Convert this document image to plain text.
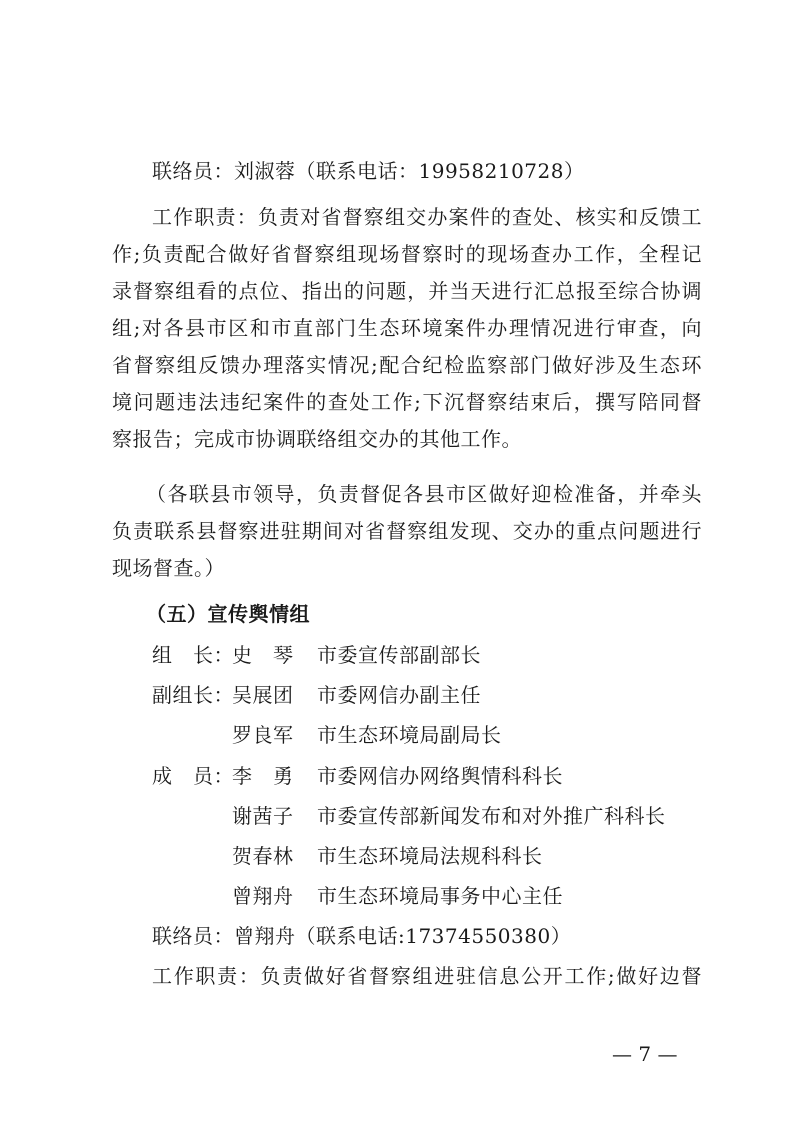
联络员：刘淑蓉（联系电话：19958210728）
工作职责：负责对省督察组交办案件的查处、核实和反馈工
作;负责配合做好省督察组现场督察时的现场查办工作，全程记
录督察组看的点位、指出的问题，并当天进行汇总报至综合协调
组;对各县市区和市直部门生态环境案件办理情况进行审查，向
省督察组反馈办理落实情况;配合纪检监察部门做好涉及生态环
境问题违法违纪案件的查处工作;下沉督察结束后，撰写陪同督
察报告；完成市协调联络组交办的其他工作。
（各联县市领导，负责督促各县市区做好迎检准备，并牵头
负责联系县督察进驻期间对省督察组发现、交办的重点问题进行
现场督查。）
（五）宣传舆情组
组　长：
史　琴 市委宣传部副部长
副组长：
吴展团 市委网信办副主任
罗良军 市生态环境局副局长
成　员：
李　勇 市委网信办网络舆情科科长
谢茜子 市委宣传部新闻发布和对外推广科科长
贺春林 市生态环境局法规科科长
曾翔舟 市生态环境局事务中心主任
联络员：曾翔舟（联系电话:17374550380）
工作职责：负责做好省督察组进驻信息公开工作;做好边督
— 7 —
